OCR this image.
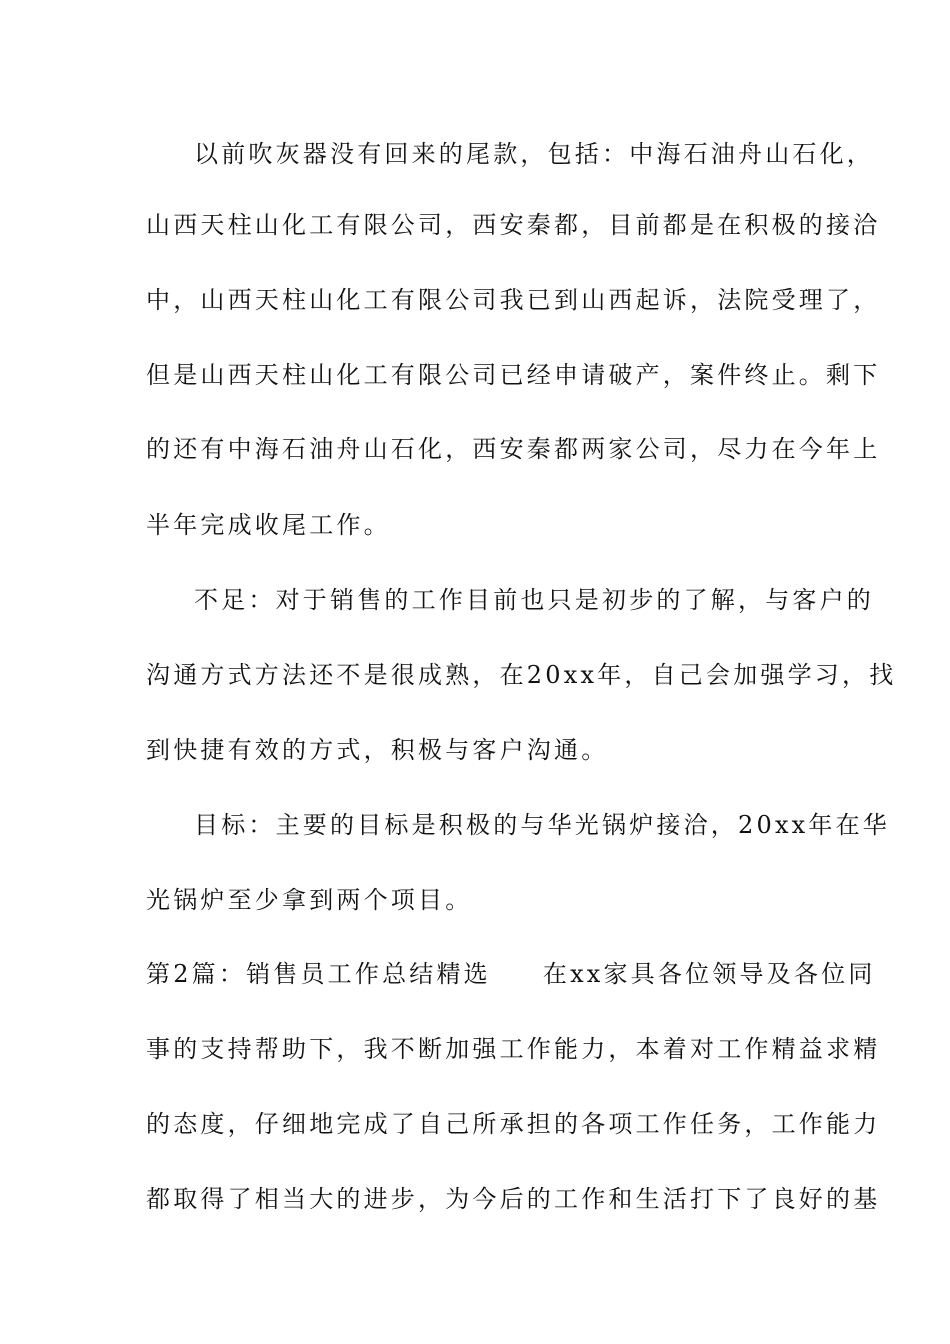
以前吹灰器没有回来的尾款，包括：中海石油舟山石化，
山西天柱山化工有限公司，西安秦都，目前都是在积极的接洽
中，山西天柱山化工有限公司我已到山西起诉，法院受理了，
但是山西天柱山化工有限公司已经申请破产，案件终止。剩下
的还有中海石油舟山石化，西安秦都两家公司，尽力在今年上
半年完成收尾工作。
不足：对于销售的工作目前也只是初步的了解，与客户的
沟通方式方法还不是很成熟，在20xx年，自己会加强学习，找
到快捷有效的方式，积极与客户沟通。
目标：主要的目标是积极的与华光锅炉接洽，20xx年在华
光锅炉至少拿到两个项目。
第2篇：销售员工作总结精选 在xx家具各位领导及各位同
事的支持帮助下，我不断加强工作能力，本着对工作精益求精
的态度，仔细地完成了自己所承担的各项工作任务，工作能力
都取得了相当大的进步，为今后的工作和生活打下了良好的基
